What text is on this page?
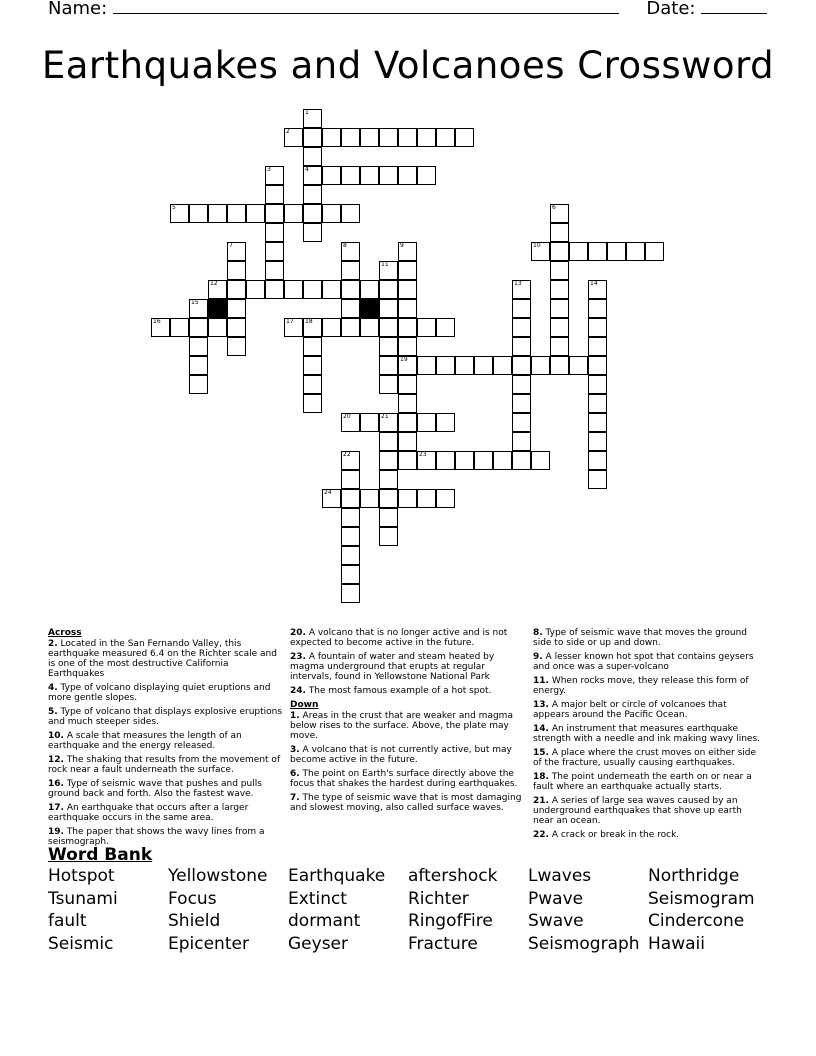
Name:	Date:
Earthquakes and Volcanoes Crossword
1
2
3	4
5	6
7	8	9	10
11
12	13	14
15
16	17 18
19
20	21
22	23
24
Across
2. Located in the San Fernando Valley, this earthquake measured 6.4 on the Richter scale and is one of the most destructive California Earthquakes
4. Type of volcano displaying quiet eruptions and more gentle slopes.
5. Type of volcano that displays explosive eruptions and much steeper sides.
10. A scale that measures the length of an earthquake and the energy released.
12. The shaking that results from the movement of rock near a fault underneath the surface.
16. Type of seismic wave that pushes and pulls ground back and forth. Also the fastest wave.
17. An earthquake that occurs after a larger earthquake occurs in the same area.
19. The paper that shows the wavy lines from a seismograph.
20. A volcano that is no longer active and is not expected to become active in the future.
23. A fountain of water and steam heated by magma underground that erupts at regular intervals, found in Yellowstone National Park
24. The most famous example of a hot spot.
Down
1. Areas in the crust that are weaker and magma below rises to the surface. Above, the plate may move.
3. A volcano that is not currently active, but may become active in the future.
6. The point on Earth's surface directly above the focus that shakes the hardest during earthquakes.
7. The type of seismic wave that is most damaging and slowest moving, also called surface waves.
8. Type of seismic wave that moves the ground side to side or up and down.
9. A lesser known hot spot that contains geysers and once was a super-volcano
11. When rocks move, they release this form of energy.
13. A major belt or circle of volcanoes that appears around the Pacific Ocean.
14. An instrument that measures earthquake strength with a needle and ink making wavy lines.
15. A place where the crust moves on either side of the fracture, usually causing earthquakes.
18. The point underneath the earth on or near a fault where an earthquake actually starts.
21. A series of large sea waves caused by an underground earthquakes that shove up earth near an ocean.
22. A crack or break in the rock.
Word Bank
Hotspot	Yellowstone	Earthquake	aftershock	Lwaves	Northridge
Tsunami	Focus	Extinct	Richter	Pwave	Seismogram
fault	Shield	dormant	RingofFire	Swave	Cindercone
Seismic	Epicenter	Geyser	Fracture	Seismograph Hawaii
